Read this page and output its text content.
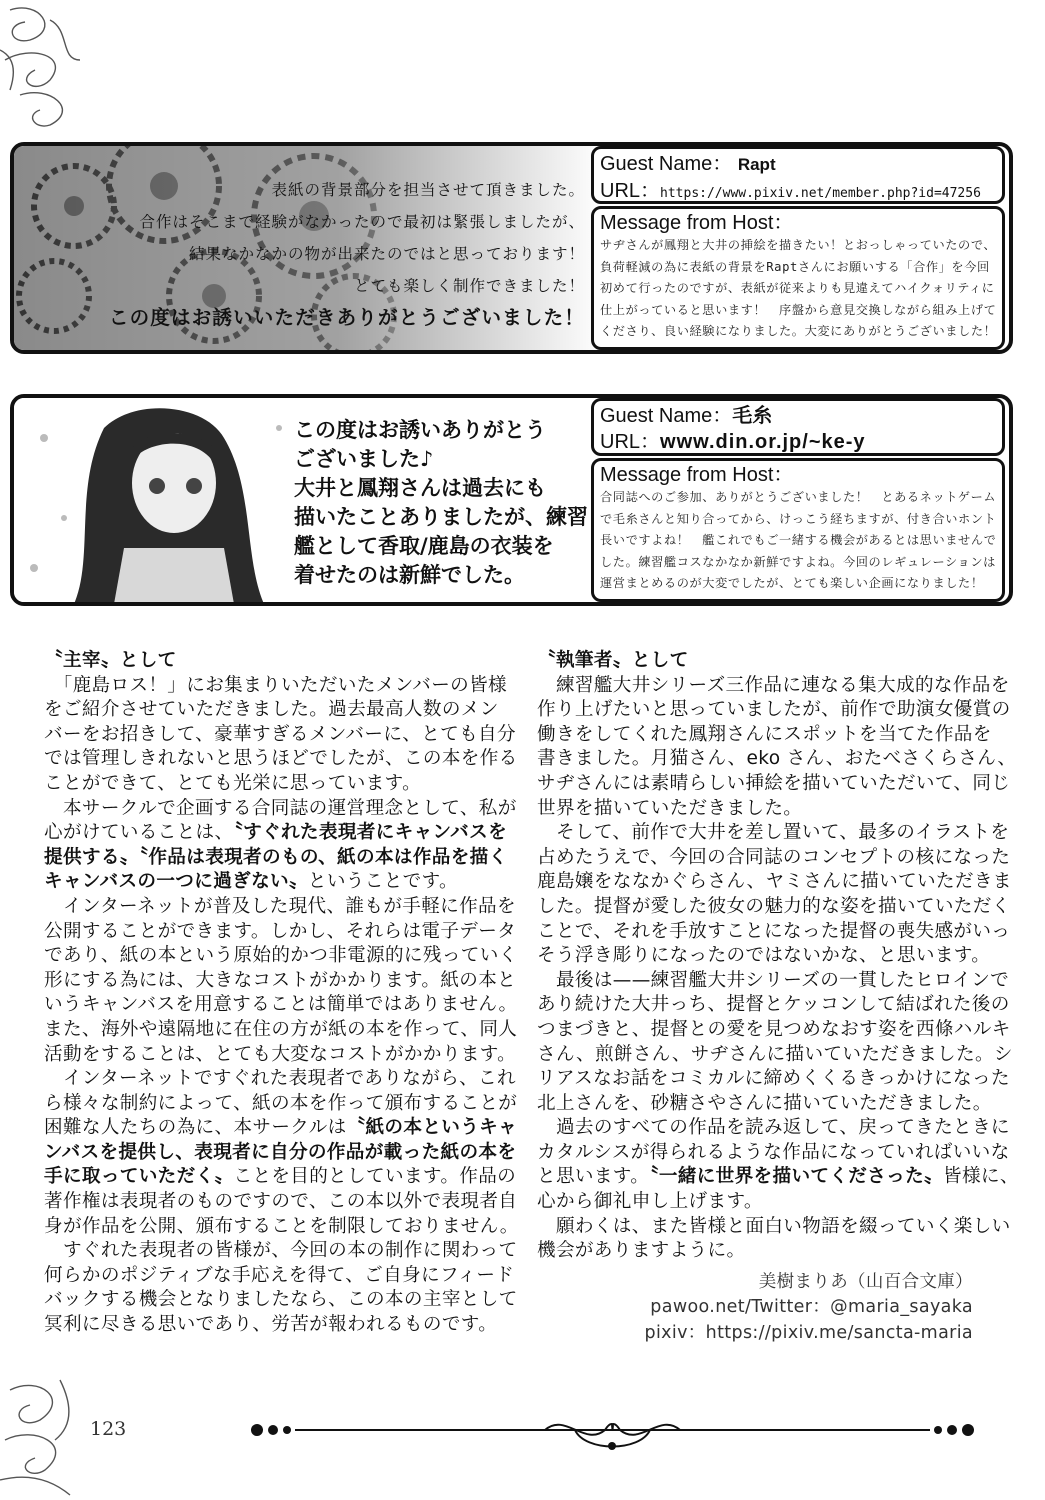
表紙の背景部分を担当させて頂きました。
合作はそこまで経験がなかったので最初は緊張しましたが、
結果なかなかの物が出来たのではと思っております！
とても楽しく制作できました！
この度はお誘いいただきありがとうございました！
Guest Name： Rapt
URL：https://www.pixiv.net/member.php?id=47256
Message from Host：
サヂさんが鳳翔と大井の挿絵を描きたい！とおっしゃっていたので、
負荷軽減の為に表紙の背景をRaptさんにお願いする「合作」を今回
初めて行ったのですが、表紙が従来よりも見違えてハイクォリティに
仕上がっていると思います！　序盤から意見交換しながら組み上げて
くださり、良い経験になりました。大変にありがとうございました！
この度はお誘いありがとう
ございました♪
大井と鳳翔さんは過去にも
描いたことありましたが、練習
艦として香取/鹿島の衣装を
着せたのは新鮮でした。
Guest Name：毛糸
URL：www.din.or.jp/~ke-y
Message from Host：
合同誌へのご参加、ありがとうございました！　とあるネットゲーム
で毛糸さんと知り合ってから、けっこう経ちますが、付き合いホント
長いですよね！　艦これでもご一緒する機会があるとは思いませんで
した。練習艦コスなかなか新鮮ですよね。今回のレギュレーションは
運営まとめるのが大変でしたが、とても楽しい企画になりました！
〝主宰〟として
　「鹿島ロス！」にお集まりいただいたメンバーの皆様
をご紹介させていただきました。過去最高人数のメン
バーをお招きして、豪華すぎるメンバーに、とても自分
では管理しきれないと思うほどでしたが、この本を作る
ことができて、とても光栄に思っています。
　本サークルで企画する合同誌の運営理念として、私が
心がけていることは、〝すぐれた表現者にキャンバスを
提供する〟〝作品は表現者のもの、紙の本は作品を描く
キャンバスの一つに過ぎない〟ということです。
　インターネットが普及した現代、誰もが手軽に作品を
公開することができます。しかし、それらは電子データ
であり、紙の本という原始的かつ非電源的に残っていく
形にする為には、大きなコストがかかります。紙の本と
いうキャンバスを用意することは簡単ではありません。
また、海外や遠隔地に在住の方が紙の本を作って、同人
活動をすることは、とても大変なコストがかかります。
　インターネットですぐれた表現者でありながら、これ
ら様々な制約によって、紙の本を作って頒布することが
困難な人たちの為に、本サークルは〝紙の本というキャ
ンバスを提供し、表現者に自分の作品が載った紙の本を
手に取っていただく〟ことを目的としています。作品の
著作権は表現者のものですので、この本以外で表現者自
身が作品を公開、頒布することを制限しておりません。
　すぐれた表現者の皆様が、今回の本の制作に関わって
何らかのポジティブな手応えを得て、ご自身にフィード
バックする機会となりましたなら、この本の主宰として
冥利に尽きる思いであり、労苦が報われるものです。
〝執筆者〟として
　練習艦大井シリーズ三作品に連なる集大成的な作品を
作り上げたいと思っていましたが、前作で助演女優賞の
働きをしてくれた鳳翔さんにスポットを当てた作品を
書きました。月猫さん、eko さん、おたべさくらさん、
サヂさんには素晴らしい挿絵を描いていただいて、同じ
世界を描いていただきました。
　そして、前作で大井を差し置いて、最多のイラストを
占めたうえで、今回の合同誌のコンセプトの核になった
鹿島嬢をななかぐらさん、ヤミさんに描いていただきま
した。提督が愛した彼女の魅力的な姿を描いていただく
ことで、それを手放すことになった提督の喪失感がいっ
そう浮き彫りになったのではないかな、と思います。
　最後は——練習艦大井シリーズの一貫したヒロインで
あり続けた大井っち、提督とケッコンして結ばれた後の
つまづきと、提督との愛を見つめなおす姿を西條ハルキ
さん、煎餅さん、サヂさんに描いていただきました。シ
リアスなお話をコミカルに締めくくるきっかけになった
北上さんを、砂糖さやさんに描いていただきました。
　過去のすべての作品を読み返して、戻ってきたときに
カタルシスが得られるような作品になっていればいいな
と思います。〝一緒に世界を描いてくださった〟皆様に、
心から御礼申し上げます。
　願わくは、また皆様と面白い物語を綴っていく楽しい
機会がありますように。
美樹まりあ（山百合文庫）
pawoo.net/Twitter：@maria_sayaka
pixiv：https://pixiv.me/sancta-maria
123
